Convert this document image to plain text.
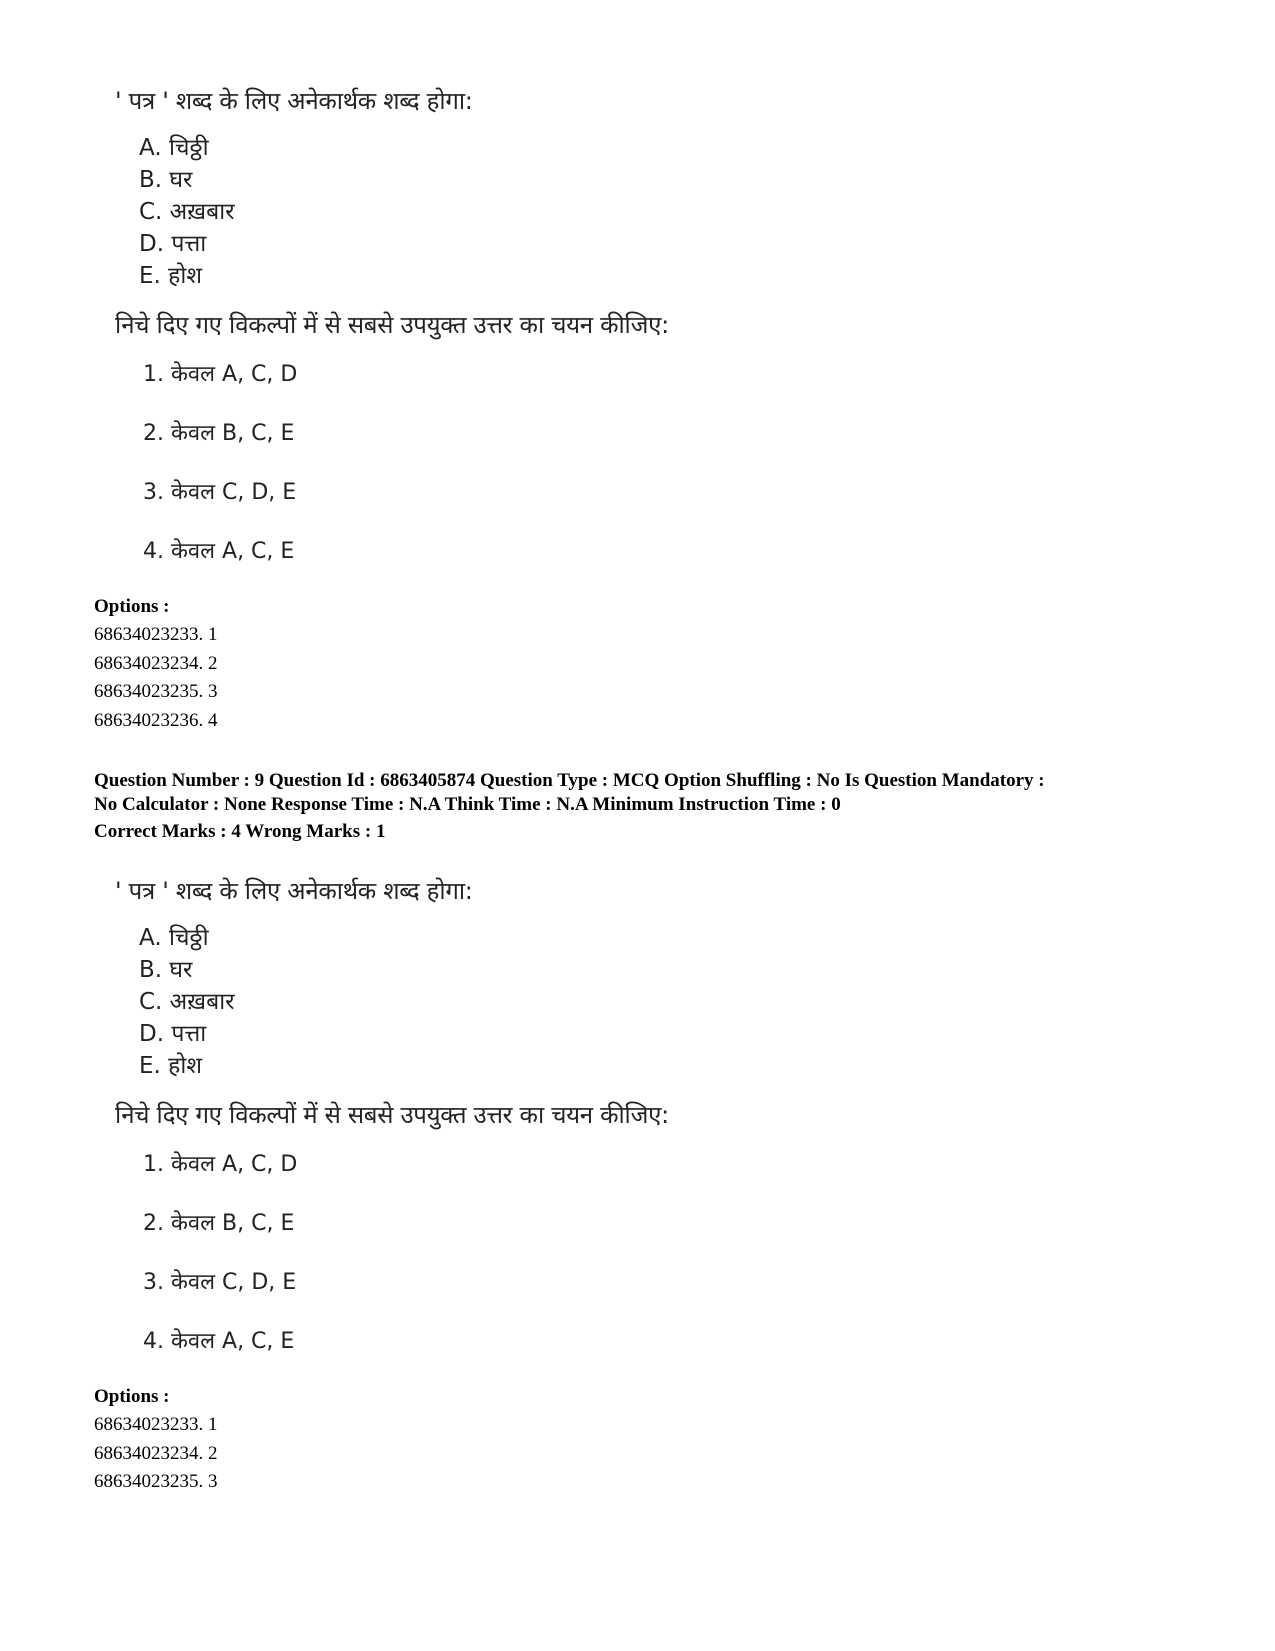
' पत्र ' शब्द के लिए अनेकार्थक शब्द होगा:
A. चिठ्ठी
B. घर
C. अख़बार
D. पत्ता
E. होश
निचे दिए गए विकल्पों में से सबसे उपयुक्त उत्तर का चयन कीजिए:
1. केवल A, C, D
2. केवल B, C, E
3. केवल C, D, E
4. केवल A, C, E
Options :
68634023233. 1
68634023234. 2
68634023235. 3
68634023236. 4
Question Number : 9 Question Id : 6863405874 Question Type : MCQ Option Shuffling : No Is Question Mandatory :
No Calculator : None Response Time : N.A Think Time : N.A Minimum Instruction Time : 0
Correct Marks : 4 Wrong Marks : 1
' पत्र ' शब्द के लिए अनेकार्थक शब्द होगा:
A. चिठ्ठी
B. घर
C. अख़बार
D. पत्ता
E. होश
निचे दिए गए विकल्पों में से सबसे उपयुक्त उत्तर का चयन कीजिए:
1. केवल A, C, D
2. केवल B, C, E
3. केवल C, D, E
4. केवल A, C, E
Options :
68634023233. 1
68634023234. 2
68634023235. 3
